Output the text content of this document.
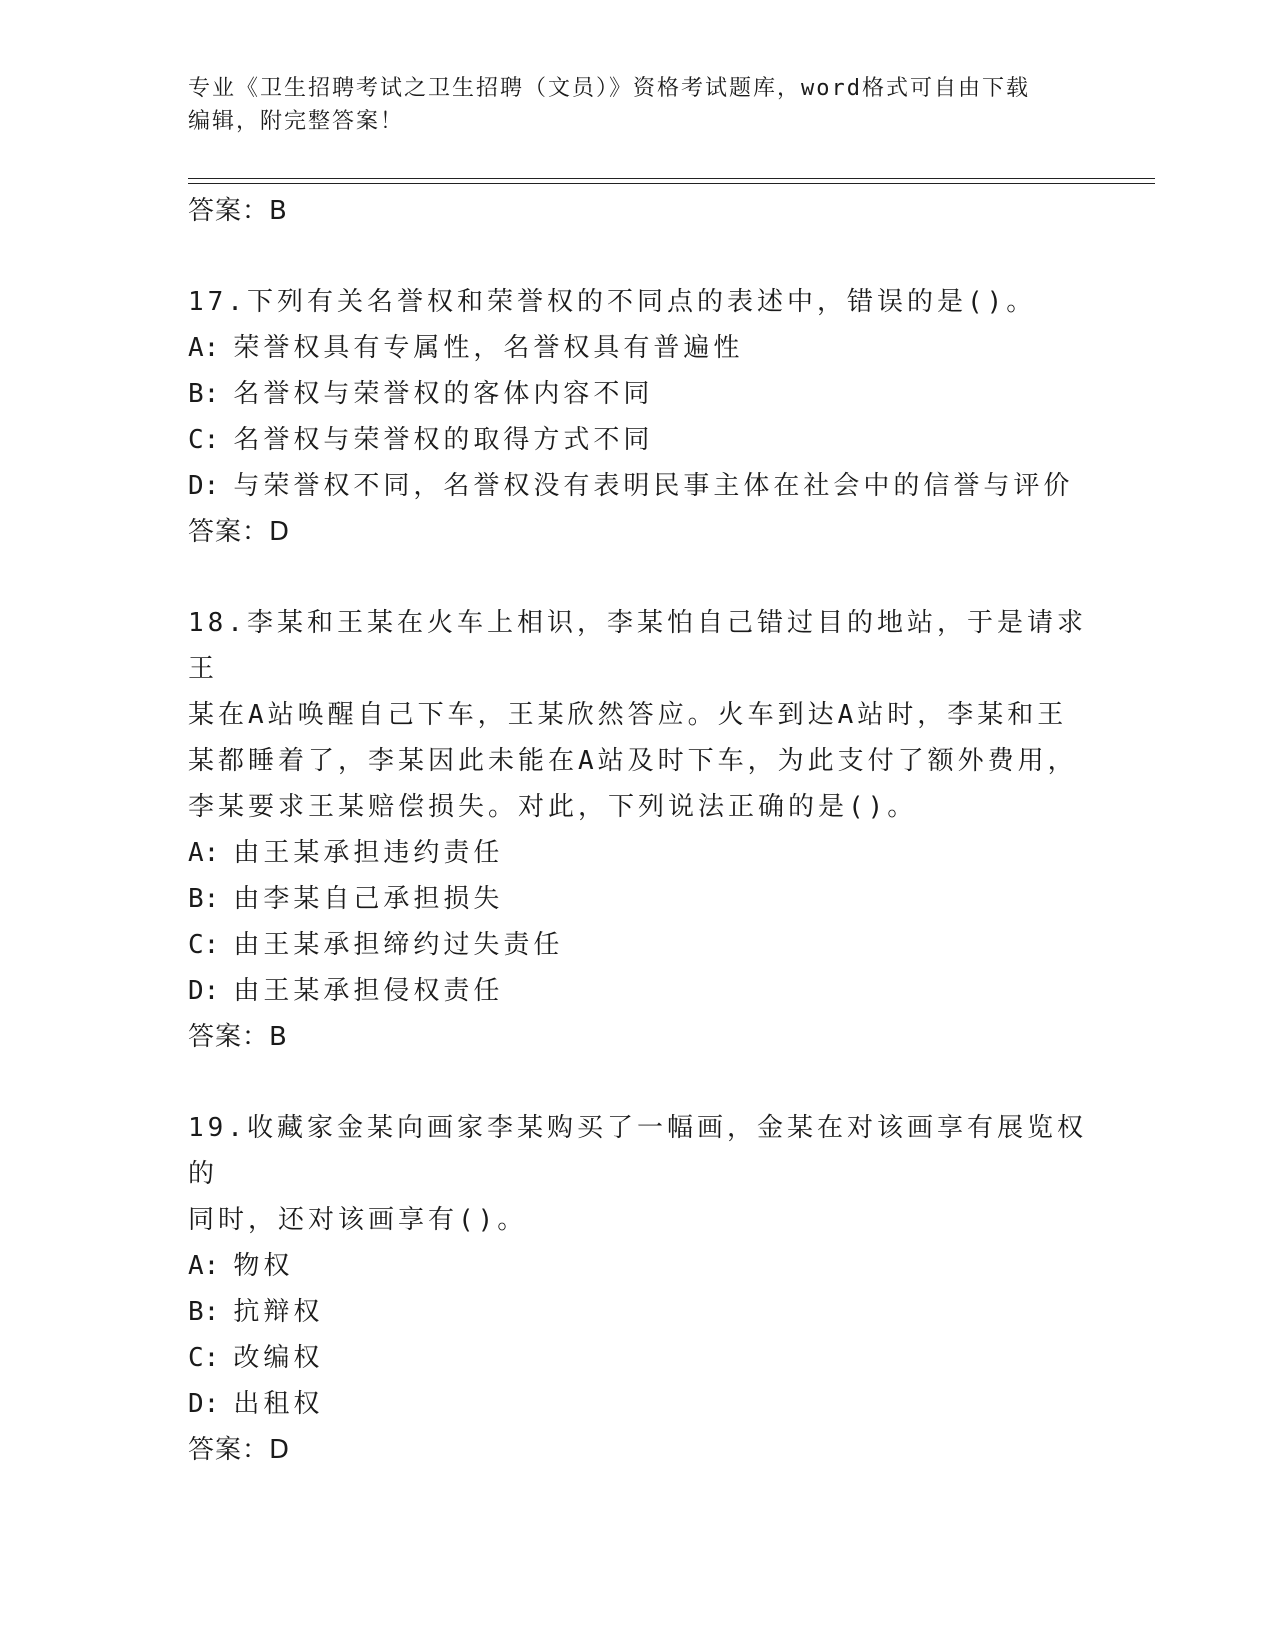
专业《卫生招聘考试之卫生招聘（文员）》资格考试题库，word格式可自由下载
编辑，附完整答案！

答案：B

17.下列有关名誉权和荣誉权的不同点的表述中，错误的是()。

A: 荣誉权具有专属性，名誉权具有普遍性

B: 名誉权与荣誉权的客体内容不同

C: 名誉权与荣誉权的取得方式不同

D: 与荣誉权不同，名誉权没有表明民事主体在社会中的信誉与评价

答案：D

18.李某和王某在火车上相识，李某怕自己错过目的地站，于是请求王

某在A站唤醒自己下车，王某欣然答应。火车到达A站时，李某和王

某都睡着了，李某因此未能在A站及时下车，为此支付了额外费用，

李某要求王某赔偿损失。对此，下列说法正确的是()。

A: 由王某承担违约责任

B: 由李某自己承担损失

C: 由王某承担缔约过失责任

D: 由王某承担侵权责任

答案：B

19.收藏家金某向画家李某购买了一幅画，金某在对该画享有展览权的

同时，还对该画享有()。

A: 物权

B: 抗辩权

C: 改编权

D: 出租权

答案：D
